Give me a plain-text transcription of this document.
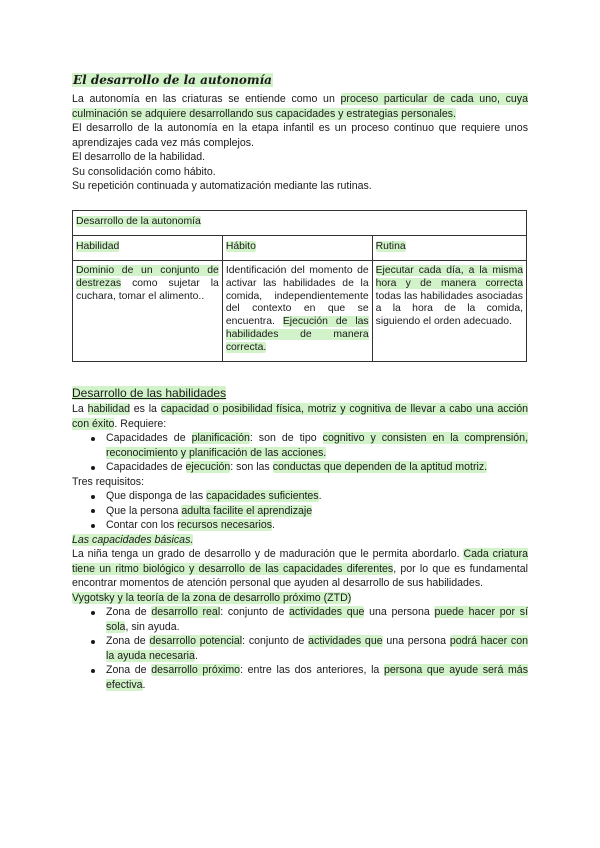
El desarrollo de la autonomía

La autonomía en las criaturas se entiende como un proceso particular de cada uno, cuya culminación se adquiere desarrollando sus capacidades y estrategias personales.

El desarrollo de la autonomía en la etapa infantil es un proceso continuo que requiere unos aprendizajes cada vez más complejos.

El desarrollo de la habilidad.

Su consolidación como hábito.

Su repetición continuada y automatización mediante las rutinas.

Desarrollo de la autonomía		
Habilidad	Hábito	Rutina
Dominio de un conjunto de destrezas como sujetar la cuchara, tomar el alimento..	Identificación del momento de activar las habilidades de la comida, independientemente del contexto en que se encuentra. Ejecución de las habilidades de manera correcta.	Ejecutar cada día, a la misma hora y de manera correcta todas las habilidades asociadas a la hora de la comida, siguiendo el orden adecuado.
Desarrollo de las habilidades

La habilidad es la capacidad o posibilidad física, motriz y cognitiva de llevar a cabo una acción con éxito. Requiere:

Capacidades de planificación: son de tipo cognitivo y consisten en la comprensión, reconocimiento y planificación de las acciones.
Capacidades de ejecución: son las conductas que dependen de la aptitud motriz.

Tres requisitos:

Que disponga de las capacidades suficientes.
Que la persona adulta facilite el aprendizaje
Contar con los recursos necesarios.

Las capacidades básicas.

La niña tenga un grado de desarrollo y de maduración que le permita abordarlo. Cada criatura tiene un ritmo biológico y desarrollo de las capacidades diferentes, por lo que es fundamental encontrar momentos de atención personal que ayuden al desarrollo de sus habilidades.

Vygotsky y la teoría de la zona de desarrollo próximo (ZTD)

Zona de desarrollo real: conjunto de actividades que una persona puede hacer por sí sola, sin ayuda.
Zona de desarrollo potencial: conjunto de actividades que una persona podrá hacer con la ayuda necesaria.
Zona de desarrollo próximo: entre las dos anteriores, la persona que ayude será más efectiva.
